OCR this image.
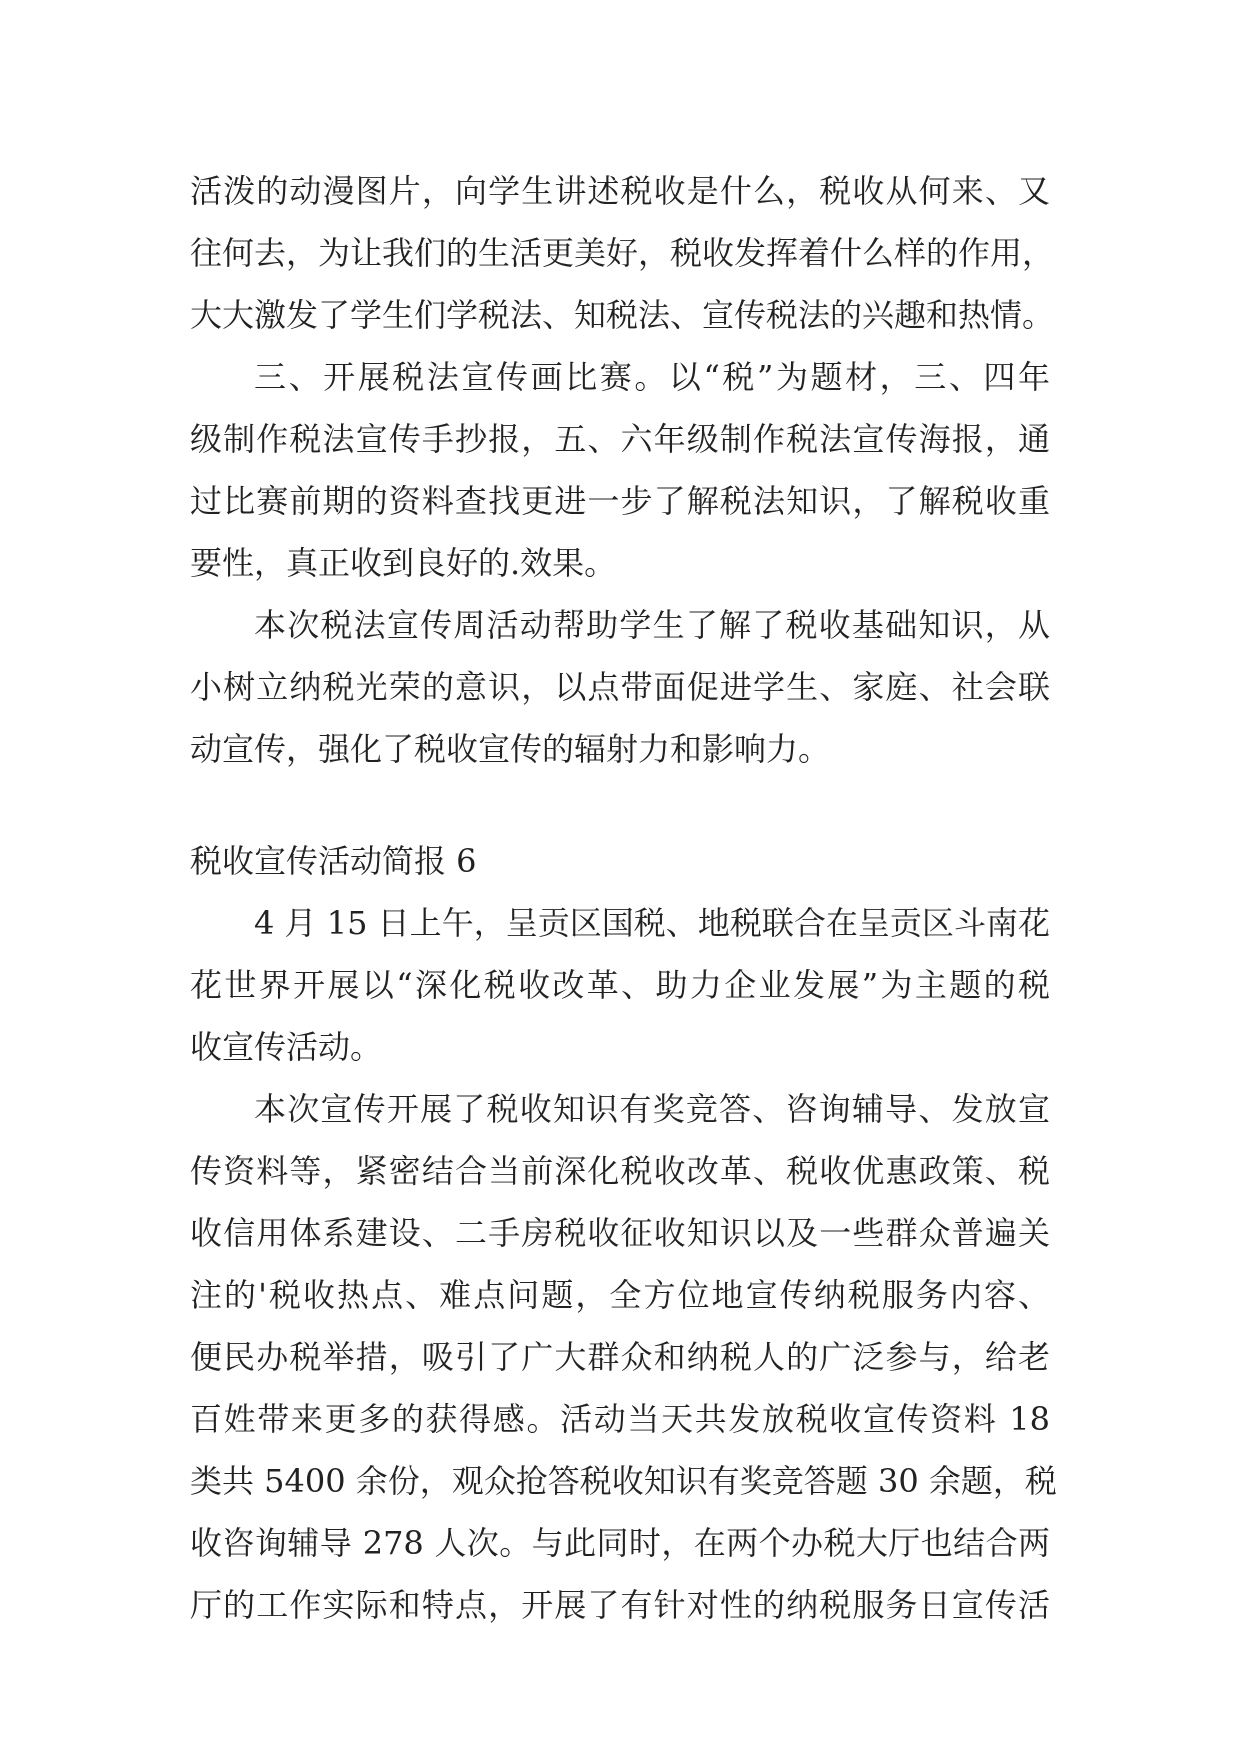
活泼的动漫图片，向学生讲述税收是什么，税收从何来、又
往何去，为让我们的生活更美好，税收发挥着什么样的作用，
大大激发了学生们学税法、知税法、宣传税法的兴趣和热情。
三、开展税法宣传画比赛。以“税”为题材，三、四年
级制作税法宣传手抄报，五、六年级制作税法宣传海报，通
过比赛前期的资料查找更进一步了解税法知识，了解税收重
要性，真正收到良好的.效果。
本次税法宣传周活动帮助学生了解了税收基础知识，从
小树立纳税光荣的意识，以点带面促进学生、家庭、社会联
动宣传，强化了税收宣传的辐射力和影响力。
税收宣传活动简报 6
4 月 15 日上午，呈贡区国税、地税联合在呈贡区斗南花
花世界开展以“深化税收改革、助力企业发展”为主题的税
收宣传活动。
本次宣传开展了税收知识有奖竞答、咨询辅导、发放宣
传资料等，紧密结合当前深化税收改革、税收优惠政策、税
收信用体系建设、二手房税收征收知识以及一些群众普遍关
注的'税收热点、难点问题，全方位地宣传纳税服务内容、
便民办税举措，吸引了广大群众和纳税人的广泛参与，给老
百姓带来更多的获得感。活动当天共发放税收宣传资料 18
类共 5400 余份，观众抢答税收知识有奖竞答题 30 余题，税
收咨询辅导 278 人次。与此同时，在两个办税大厅也结合两
厅的工作实际和特点，开展了有针对性的纳税服务日宣传活
